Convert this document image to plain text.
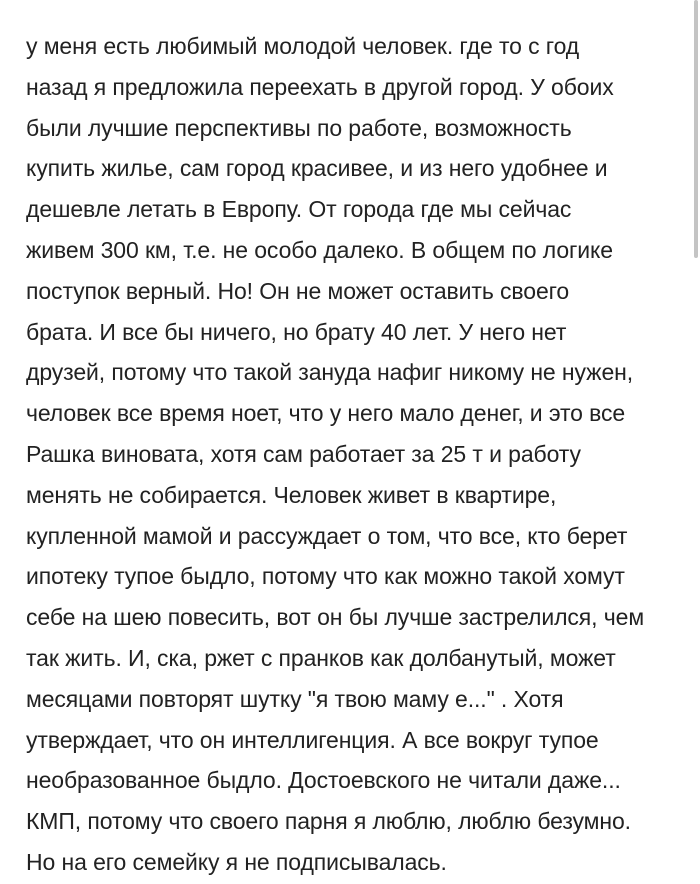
у меня есть любимый молодой человек. где то с год
назад я предложила переехать в другой город. У обоих
были лучшие перспективы по работе, возможность
купить жилье, сам город красивее, и из него удобнее и
дешевле летать в Европу. От города где мы сейчас
живем 300 км, т.е. не особо далеко. В общем по логике
поступок верный. Но! Он не может оставить своего
брата. И все бы ничего, но брату 40 лет. У него нет
друзей, потому что такой зануда нафиг никому не нужен,
человек все время ноет, что у него мало денег, и это все
Рашка виновата, хотя сам работает за 25 т и работу
менять не собирается. Человек живет в квартире,
купленной мамой и рассуждает о том, что все, кто берет
ипотеку тупое быдло, потому что как можно такой хомут
себе на шею повесить, вот он бы лучше застрелился, чем
так жить. И, ска, ржет с пранков как долбанутый, может
месяцами повторят шутку "я твою маму е..." . Хотя
утверждает, что он интеллигенция. А все вокруг тупое
необразованное быдло. Достоевского не читали даже...
КМП, потому что своего парня я люблю, люблю безумно.
Но на его семейку я не подписывалась.
